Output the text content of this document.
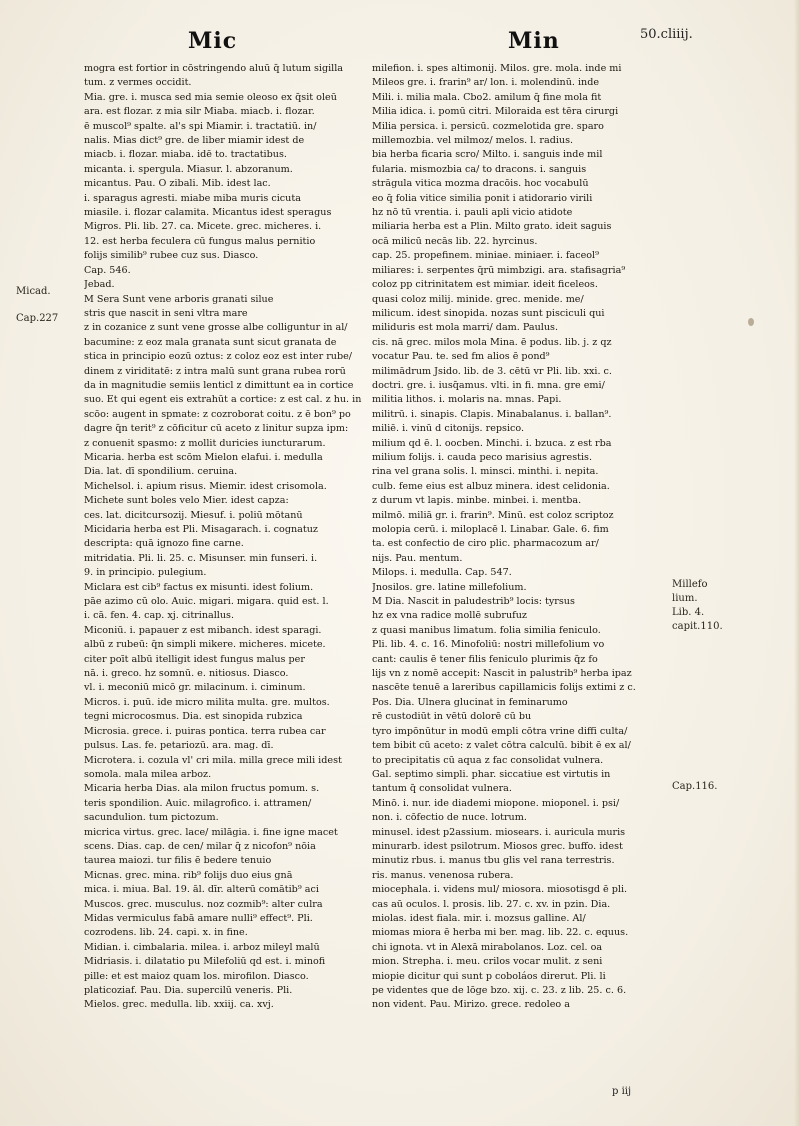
Mic	Min	50.cliiij.
Micad.
Cap.227
Millefo
lium.
Lib. 4.
capit.110.
Cap.116.
mogra est fortior in cōstringendo aluū q̄ lutum sigilla
tum. z vermes occidit.
Mia. gre. i. musca sed mia semie oleoso ex q̄sit oleū
ara. est flozar. z mia silr Miaba. miacb. i. flozar.
ē muscol⁹ spalte. al's spi Miamir. i. tractatiū. in/
nalis. Mias dict⁹ gre. de liber miamir idest de
miacb. i. flozar. miaba. idē to. tractatibus.
micanta. i. spergula. Miasur. l. abzoranum.
micantus. Pau. O zibali. Mib. idest lac.
i. sparagus agresti. miabe miba muris cicuta
miasile. i. flozar calamita. Micantus idest speragus
Migros. Pli. lib. 27. ca. Micete. grec. micheres. i.
12. est herba feculera cū fungus malus pernitio
folijs similib⁹ rubee cuz sus. Diasco.
Cap. 546.
Jebad.
M Sera Sunt vene arboris granati silue
stris que nascit in seni vltra mare
z in cozanice z sunt vene grosse albe colliguntur in al/
bacumine: z eoz mala granata sunt sicut granata de
stica in principio eozū oztus: z coloz eoz est inter rube/
dinem z viriditatē: z intra malū sunt grana rubea rorū
da in magnitudie semiis lenticl z dimittunt ea in cortice
suo. Et qui egent eis extrahūt a cortice: z est cal. z hu. in
scōo: augent in spmate: z cozroborat coitu. z ē bon⁹ po
dagre q̄n terit⁹ z cōficitur cū aceto z linitur supza ipm:
z conuenit spasmo: z mollit duricies iuncturarum.
Micaria. herba est scōm Mielon elafui. i. medulla
Dia. lat. dī spondilium. ceruina.
Michelsol. i. apium risus. Miemir. idest crisomola.
Michete sunt boles velo Mier. idest capza:
ces. lat. dicitcursozij. Miesuf. i. poliū mōtanū
Micidaria herba est Pli. Misagarach. i. cognatuz
descripta: quā ignozo fine carne.
mitridatia. Pli. li. 25. c. Misunser. min funseri. i.
9. in principio. pulegium.
Miclara est cib⁹ factus ex misunti. idest folium.
pāe azimo cū olo. Auic. migari. migara. quid est. l.
i. cā. fen. 4. cap. xj. citrinallus.
Miconiū. i. papauer z est mibanch. idest sparagi.
albū z rubeū: q̄n simpli mikere. micheres. micete.
citer poīt albū itelligit idest fungus malus per
nā. i. greco. hz somnū. e. nitiosus. Diasco.
vl. i. meconiū micō gr. milacinum. i. ciminum.
Micros. i. puū. ide micro milita multa. gre. multos.
tegni microcosmus. Dia. est sinopida rubzica
Microsia. grece. i. puiras pontica. terra rubea car
pulsus. Las. fe. petariozū. ara. mag. dī.
Microtera. i. cozula vl' cri mila. milla grece mili idest
somola. mala milea arboz.
Micaria herba Dias. ala milon fructus pomum. s.
teris spondilion. Auic. milagrofico. i. attramen/
sacundulion. tum pictozum.
micrica virtus. grec. lace/ milāgia. i. fine igne macet
scens. Dias. cap. de cen/ milar q̄ z nicofon⁹ nōia
taurea maiozi. tur filis ē bedere tenuio
Micnas. grec. mina. rib⁹ folijs duo eius gnā
mica. i. miua. Bal. 19. āl. dīr. alterū comātib⁹ aci
Muscos. grec. musculus. noz cozmib⁹: alter culra
Midas vermiculus fabā amare nulli⁹ effect⁹. Pli.
cozrodens. lib. 24. capi. x. in fine.
Midian. i. cimbalaria. milea. i. arboz mileyl malū
Midriasis. i. dilatatio pu Milefoliū qd est. i. minofi
pille: et est maioz quam los. mirofilon. Diasco.
platicoziaf. Pau. Dia. supercilū veneris. Pli.
Mielos. grec. medulla. lib. xxiij. ca. xvj.
milefion. i. spes altimonij. Milos. gre. mola. inde mi
Mileos gre. i. frarin⁹ ar/ lon. i. molendinū. inde
Mili. i. milia mala. Cbo2. amilum q̄ fine mola fit
Milia idica. i. pomū citri. Miloraida est tēra cirurgi
Milia persica. i. persicū. cozmelotida gre. sparo
millemozbia. vel milmoz/ melos. l. radius.
bia herba ficaria scro/ Milto. i. sanguis inde mil
fularia. mismozbia ca/ to dracons. i. sanguis
strāgula vitica mozma dracōis. hoc vocabulū
eo q̄ folia vitice similia ponit i atidorario virili
hz nō tū vrentia. i. pauli apli vicio atidote
miliaria herba est a Plin. Milto grato. ideit saguis
ocā milicū necās lib. 22. hyrcinus.
cap. 25. propefinem. miniae. miniaer. i. faceol⁹
miliares: i. serpentes q̄rū mimbzigi. ara. stafisagria⁹
coloz pp citrinitatem est mimiar. ideit ficeleos.
quasi coloz milij. minide. grec. menide. me/
milicum. idest sinopida. nozas sunt pisciculi qui
miliduris est mola marri/ dam. Paulus.
cis. nā grec. milos mola Mina. ē podus. lib. j. z qz
vocatur Pau. te. sed fm alios ē pond⁹
milimādrum Jsido. lib. de 3. cētū vr Pli. lib. xxi. c.
doctri. gre. i. iusq̄amus. vlti. in fi. mna. gre emi/
militia lithos. i. molaris na. mnas. Papi.
militrū. i. sinapis. Clapis. Minabalanus. i. ballan⁹.
miliē. i. vinū d citonijs. repsico.
milium qd ē. l. oocben. Minchi. i. bzuca. z est rba
milium folijs. i. cauda peco marisius agrestis.
rina vel grana solis. l. minsci. minthi. i. nepita.
culb. feme eius est albuz minera. idest celidonia.
z durum vt lapis. minbe. minbei. i. mentba.
milmō. miliā gr. i. frarin⁹. Minū. est coloz scriptoz
molopia cerū. i. miloplacē l. Linabar. Gale. 6. fim
ta. est confectio de ciro plic. pharmacozum ar/
nijs. Pau. mentum.
Milops. i. medulla. Cap. 547.
Jnosilos. gre. latine millefolium.
M Dia. Nascit in paludestrib⁹ locis: tyrsus
hz ex vna radice mollē subrufuz
z quasi manibus limatum. folia similia feniculo.
Pli. lib. 4. c. 16. Minofoliū: nostri millefolium vo
cant: caulis ē tener filis feniculo plurimis q̄z fo
lijs vn z nomē accepit: Nascit in palustrib⁹ herba ipaz
nascēte tenuē a lareribus capillamicis folijs extimi z c.
Pos. Dia. Ulnera glucinat in feminarumo
rē custodiūt in vētū dolorē cū bu
tyro impōnūtur in modū empli cōtra vrine diffi culta/
tem bibit cū aceto: z valet cōtra calculū. bibit ē ex al/
to precipitatis cū aqua z fac consolidat vulnera.
Gal. septimo simpli. phar. siccatiue est virtutis in
tantum q̄ consolidat vulnera.
Minō. i. nur. ide diademi miopone. mioponel. i. psi/
non. i. cōfectio de nuce. lotrum.
minusel. idest p2assium. miosears. i. auricula muris
minurarb. idest psilotrum. Miosos grec. buffo. idest
minutiz rbus. i. manus tbu glis vel rana terrestris.
ris. manus. venenosa rubera.
miocephala. i. videns mul/ miosora. miosotisgd ē pli.
cas aū oculos. l. prosis. lib. 27. c. xv. in pzin. Dia.
miolas. idest fiala. mir. i. mozsus galline. Al/
miomas miora ē herba mi ber. mag. lib. 22. c. equus.
chi ignota. vt in Alexā mirabolanos. Loz. cel. oa
mion. Strepha. i. meu. crilos vocar mulit. z seni
miopie dicitur qui sunt p coboláos direrut. Pli. li
pe videntes que de lōge bzo. xij. c. 23. z lib. 25. c. 6.
non vident. Pau. Mirizo. grece. redoleo a
p iij
